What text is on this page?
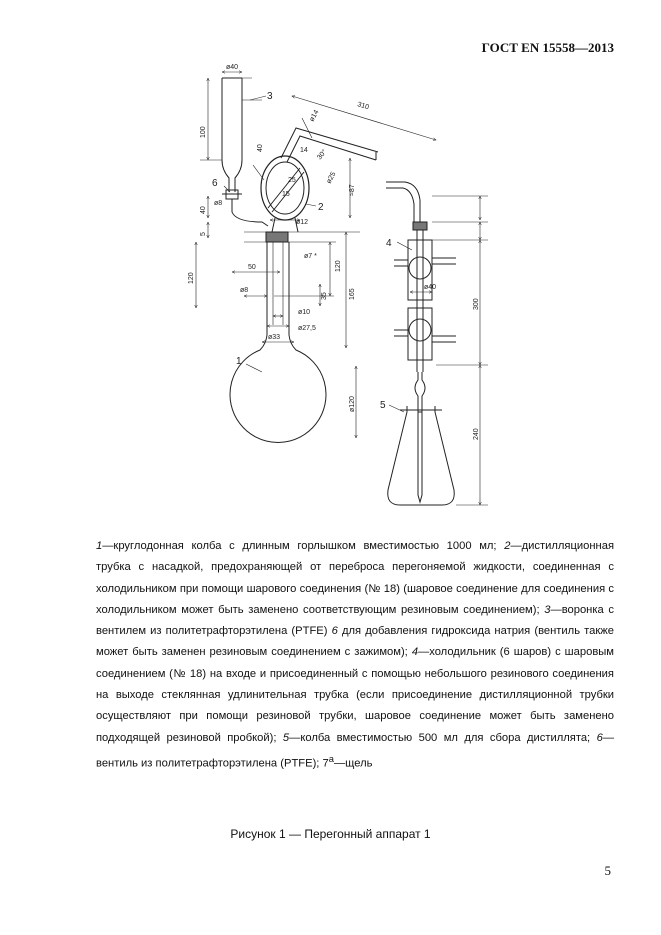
ГОСТ EN 15558—2013
ø40
100
40
ø14
310
ø8
40
ø12
5
120
ø7 *
50	120
ø8
35	165
ø10
ø27,5
ø33
ø120
ø25
30°
≈87
25
15
14
ø40
300
240
3
6
2
1
4
5

1—круглодонная колба с длинным горлышком вместимостью 1000 мл; 2—дистилляционная трубка с насадкой, предохраняющей от переброса перегоняемой жидкости, соединенная с холодильником при помощи шарового соединения (№ 18) (шаровое соединение для соединения с холодильником может быть заменено соответствующим резиновым соединением); 3—воронка с вентилем из политетрафторэтилена (PTFE) 6 для добавления гидроксида натрия (вентиль также может быть заменен резиновым соединением с зажимом); 4—холодильник (6 шаров) с шаровым соединением (№ 18) на входе и присоединенный с помощью небольшого резинового соединения на выходе стеклянная удлинительная трубка (если присоединение дистилляционной трубки осуществляют при помощи резиновой трубки, шаровое соединение может быть заменено подходящей резиновой пробкой); 5—колба вместимостью 500 мл для сбора дистиллята; 6— вентиль из политетрафторэтилена (PTFE); 7$^a$—щель

Рисунок 1 — Перегонный аппарат 1
5
